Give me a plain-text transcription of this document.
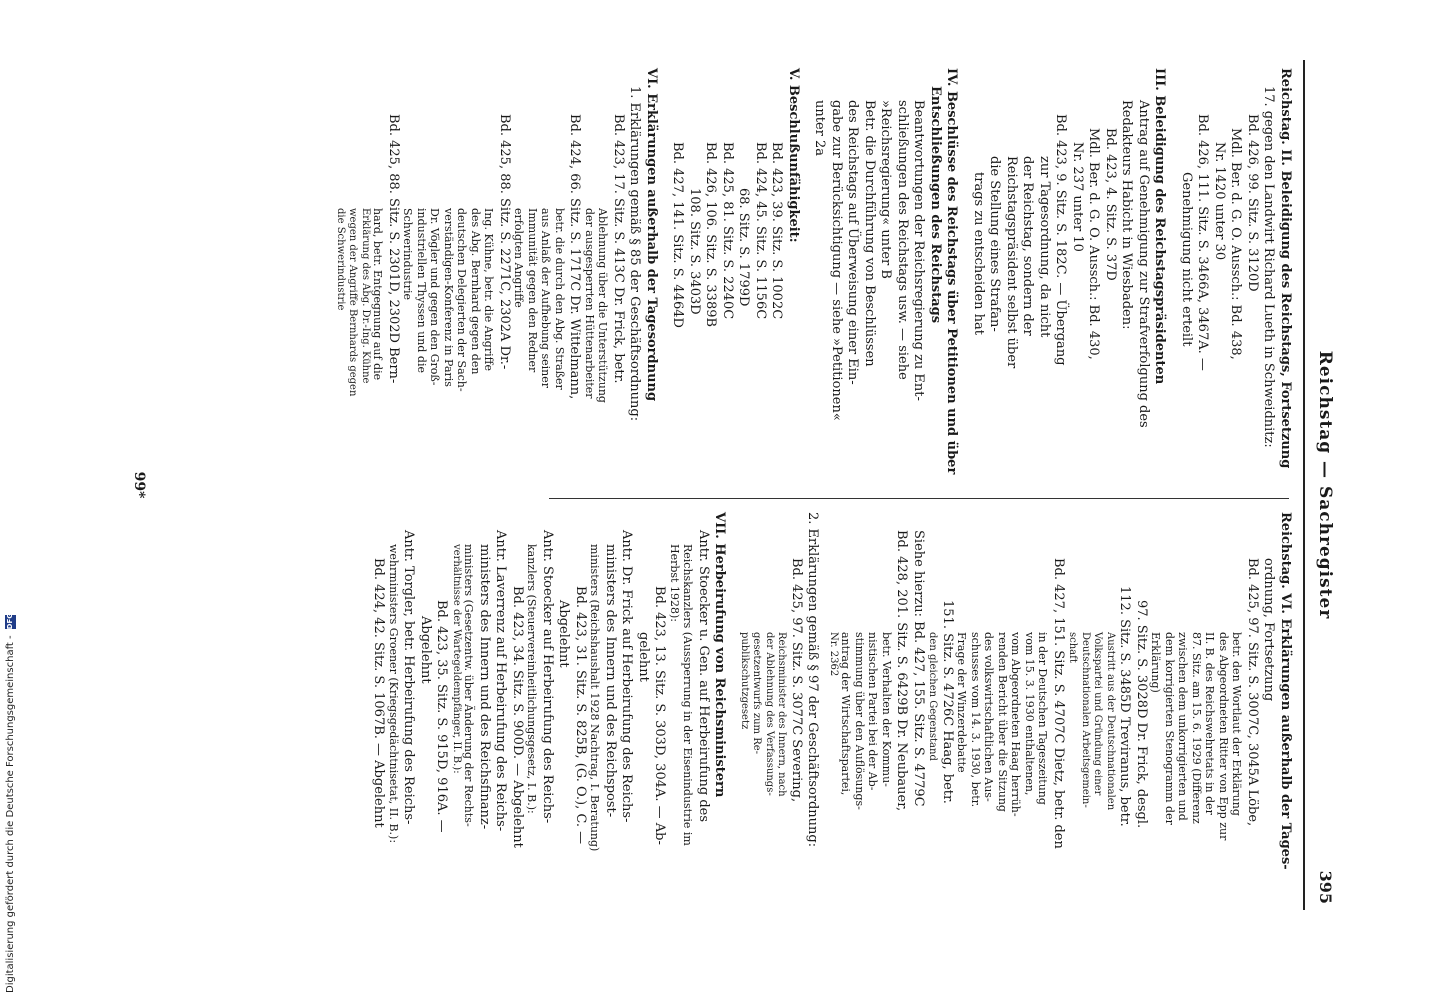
Reichstag — Sachregister
395
Reichstag. II. Beleidigung des Reichstags, Fortsetzung
17. gegen den Landwirt Richard Lueth in Schweidnitz:
Bd. 426, 99. Sitz. S. 3120D
Mdl. Ber. d. G. O. Aussch.: Bd. 438,
Nr. 1420 unter 30
Bd. 426, 111. Sitz. S. 3466A, 3467A. —
Genehmigung nicht erteilt
III. Beleidigung des Reichstagspräsidenten
Antrag auf Genehmigung zur Strafverfolgung des
Redakteurs Habicht in Wiesbaden:
Bd. 423, 4. Sitz. S. 37D
Mdl. Ber. d. G. O. Aussch.: Bd. 430,
Nr. 237 unter 10
Bd. 423, 9. Sitz. S. 182C. — Übergang
zur Tagesordnung, da nicht
der Reichstag, sondern der
Reichstagspräsident selbst über
die Stellung eines Strafan-
trags zu entscheiden hat
IV. Beschlüsse des Reichstags über Petitionen und über
Entschließungen des Reichstags
Beantwortungen der Reichsregierung zu Ent-
schließungen des Reichstags usw. — siehe
»Reichsregierung« unter B
Betr. die Durchführung von Beschlüssen
des Reichstags auf Überweisung einer Ein-
gabe zur Berücksichtigung — siehe »Petitionen«
unter 2a
V. Beschlußunfähigkeit:
Bd. 423, 39. Sitz. S. 1002C
Bd. 424, 45. Sitz. S. 1156C
68. Sitz. S. 1799D
Bd. 425, 81. Sitz. S. 2240C
Bd. 426, 106. Sitz. S. 3389B
108. Sitz. S. 3403D
Bd. 427, 141. Sitz. S. 4464D
VI. Erklärungen außerhalb der Tagesordnung
1. Erklärungen gemäß § 85 der Geschäftsordnung:
Bd. 423, 17. Sitz. S. 413C Dr. Frick, betr.
Ablehnung über die Unterstützung
der ausgesperrten Hüttenarbeiter
Bd. 424, 66. Sitz. S. 1717C Dr. Wittelmann,
betr. die durch den Abg. Straßer
aus Anlaß der Aufhebung seiner
Immunität gegen den Redner
erfolgten Angriffe
Bd. 425, 88. Sitz. S. 2271C, 2302A Dr.-
Ing. Kühne, betr. die Angriffe
des Abg. Bernhard gegen den
deutschen Delegierten der Sach-
verständigen-Konferenz in Paris
Dr. Vögler und gegen den Groß-
industriellen Thyssen und die
Schwerindustrie
Bd. 425, 88. Sitz. S. 2301D, 2302D Bern-
hard, betr. Entgegnung auf die
Erklärung des Abg. Dr.-Ing. Kühne
wegen der Angriffe Bernhards gegen
die Schwerindustrie
Reichstag. VI. Erklärungen außerhalb der Tages-
ordnung, Fortsetzung
Bd. 425, 97. Sitz. S. 3007C, 3045A Löbe,
betr. den Wortlaut der Erklärung
des Abgeordneten Ritter von Epp zur
II. B. des Reichswehretats in der
87. Sitz. am 15. 6. 1929 (Differenz
zwischen dem unkorrigierten und
dem korrigierten Stenogramm der
Erklärung)
97. Sitz. S. 3028D Dr. Frick, desgl.
112. Sitz. S. 3485D Treviranus, betr.
Austritt aus der Deutschnationalen
Volkspartei und Gründung einer
Deutschnationalen Arbeitsgemein-
schaft
Bd. 427, 151. Sitz. S. 4707C Dietz, betr. den
in der Deutschen Tageszeitung
vom 15. 3. 1930 enthaltenen,
vom Abgeordneten Haag herrüh-
renden Bericht über die Sitzung
des volkswirtschaftlichen Aus-
schusses vom 14. 3. 1930, betr.
Frage der Winzerdebatte
151. Sitz. S. 4726C Haag, betr.
den gleichen Gegenstand
Siehe hierzu: Bd. 427, 155. Sitz. S. 4779C
Bd. 428, 201. Sitz. S. 6429B Dr. Neubauer,
betr. Verhalten der Kommu-
nistischen Partei bei der Ab-
stimmung über den Auflösungs-
antrag der Wirtschaftspartei,
Nr. 2362
2. Erklärungen gemäß § 97 der Geschäftsordnung:
Bd. 425, 97. Sitz. S. 3077C Severing,
Reichsminister des Innern, nach
der Ablehnung des Verfassungs-
gesetzentwurfs zum Re-
publikschutzgesetz
VII. Herbeirufung von Reichsministern
Antr. Stoecker u. Gen. auf Herbeirufung des
Reichskanzlers (Aussperrung in der Eisenindustrie im
Herbst 1928):
Bd. 423, 13. Sitz. S. 303D, 304A. — Ab-
gelehnt
Antr. Dr. Frick auf Herbeirufung des Reichs-
ministers des Innern und des Reichspost-
ministers (Reichshaushalt 1928 Nachtrag, I. Beratung)
Bd. 423, 31. Sitz. S. 825B, (G. O.), C. —
Abgelehnt
Antr. Stoecker auf Herbeirufung des Reichs-
kanzlers (Steuervereinheitlichungsgesetz, I. B.):
Bd. 423, 34. Sitz. S. 900D. — Abgelehnt
Antr. Laverrenz auf Herbeirufung des Reichs-
ministers des Innern und des Reichsfinanz-
ministers (Gesetzentw. über Änderung der Rechts-
verhältnisse der Wartegeldempfänger, II. B.):
Bd. 423, 35. Sitz. S. 915D, 916A. —
Abgelehnt
Antr. Torgler, betr. Herbeirufung des Reichs-
wehrministers Groener (Kriegsgedächtnisetat, II. B.):
Bd. 424, 42. Sitz. S. 1067B. — Abgelehnt
99*
Digitalisierung gefördert durch die Deutsche Forschungsgemeinschaft -
DFG
